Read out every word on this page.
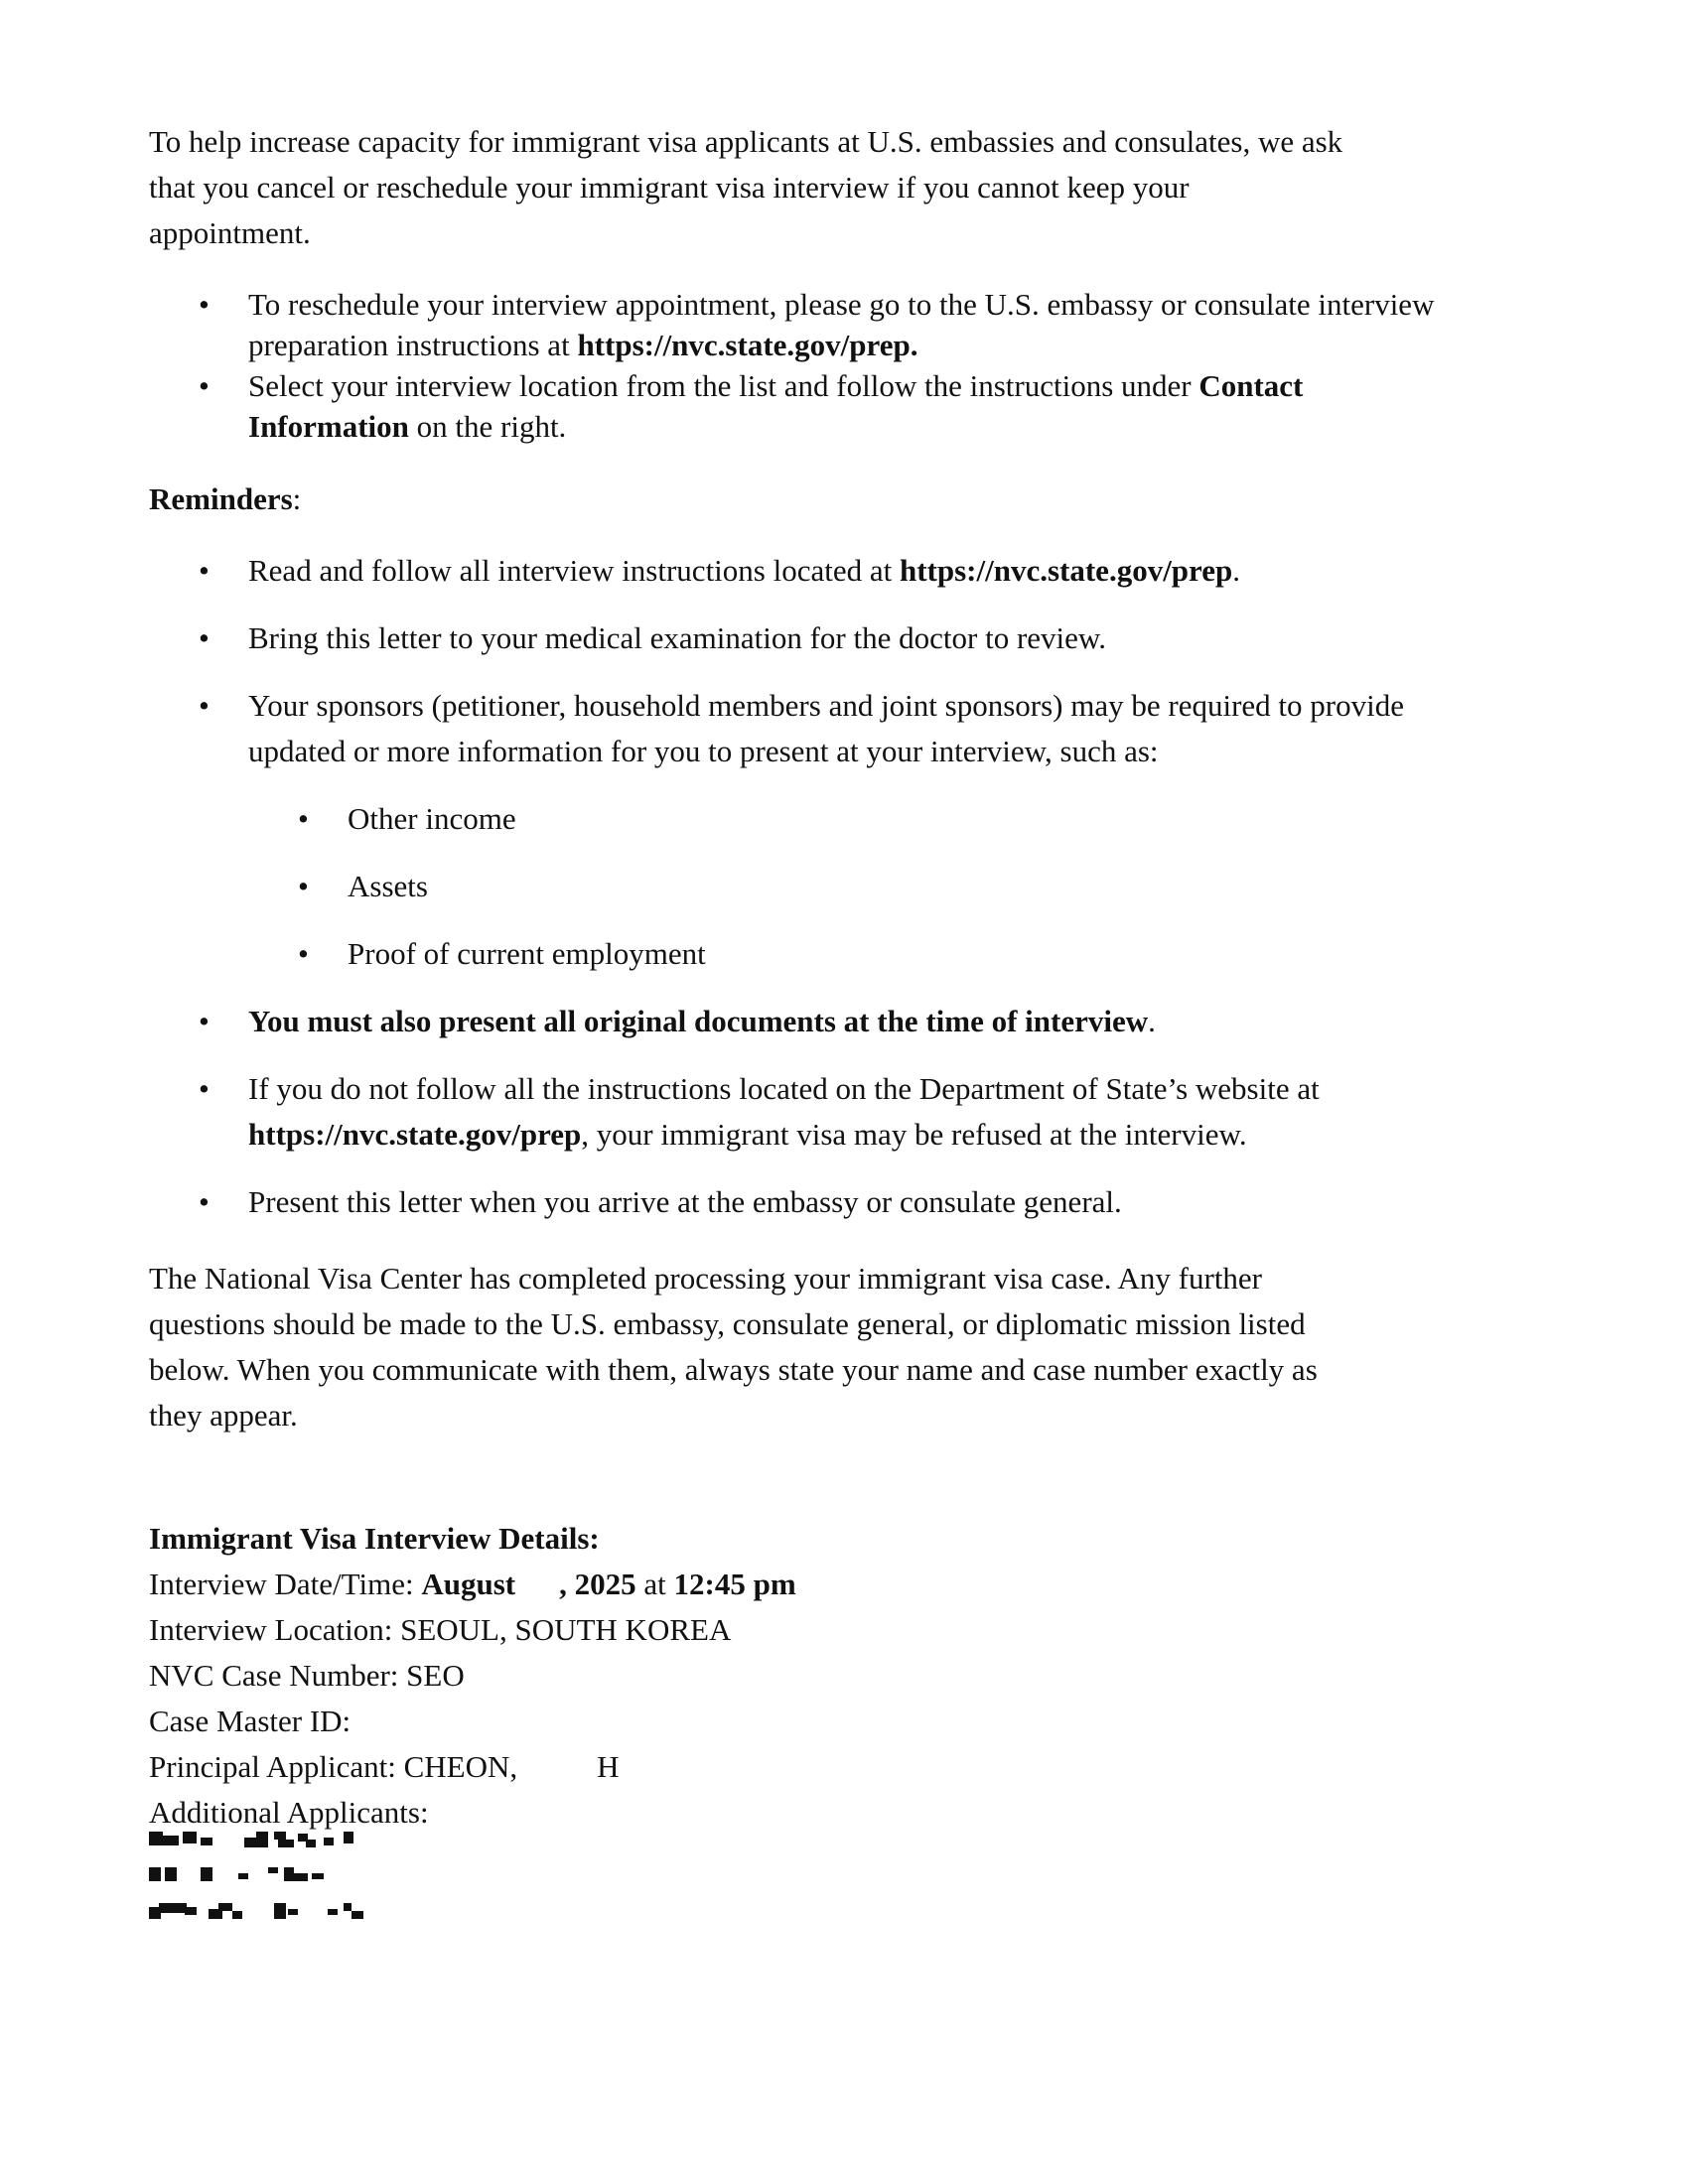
To help increase capacity for immigrant visa applicants at U.S. embassies and consulates, we ask

that you cancel or reschedule your immigrant visa interview if you cannot keep your

appointment.

•	To reschedule your interview appointment, please go to the U.S. embassy or consulate interview

preparation instructions at https://nvc.state.gov/prep.

•	Select your interview location from the list and follow the instructions under Contact

Information on the right.

Reminders:

•	Read and follow all interview instructions located at https://nvc.state.gov/prep.

•	Bring this letter to your medical examination for the doctor to review.

•	Your sponsors (petitioner, household members and joint sponsors) may be required to provide

updated or more information for you to present at your interview, such as:

•	Other income

•	Assets

•	Proof of current employment

•	You must also present all original documents at the time of interview.

•	If you do not follow all the instructions located on the Department of State’s website at

https://nvc.state.gov/prep, your immigrant visa may be refused at the interview.

•	Present this letter when you arrive at the embassy or consulate general.

The National Visa Center has completed processing your immigrant visa case. Any further

questions should be made to the U.S. embassy, consulate general, or diplomatic mission listed

below. When you communicate with them, always state your name and case number exactly as

they appear.

Immigrant Visa Interview Details:

Interview Date/Time: August , 2025 at 12:45 pm

Interview Location: SEOUL, SOUTH KOREA

NVC Case Number: SEO

Case Master ID:

Principal Applicant: CHEON,	H

Additional Applicants:
